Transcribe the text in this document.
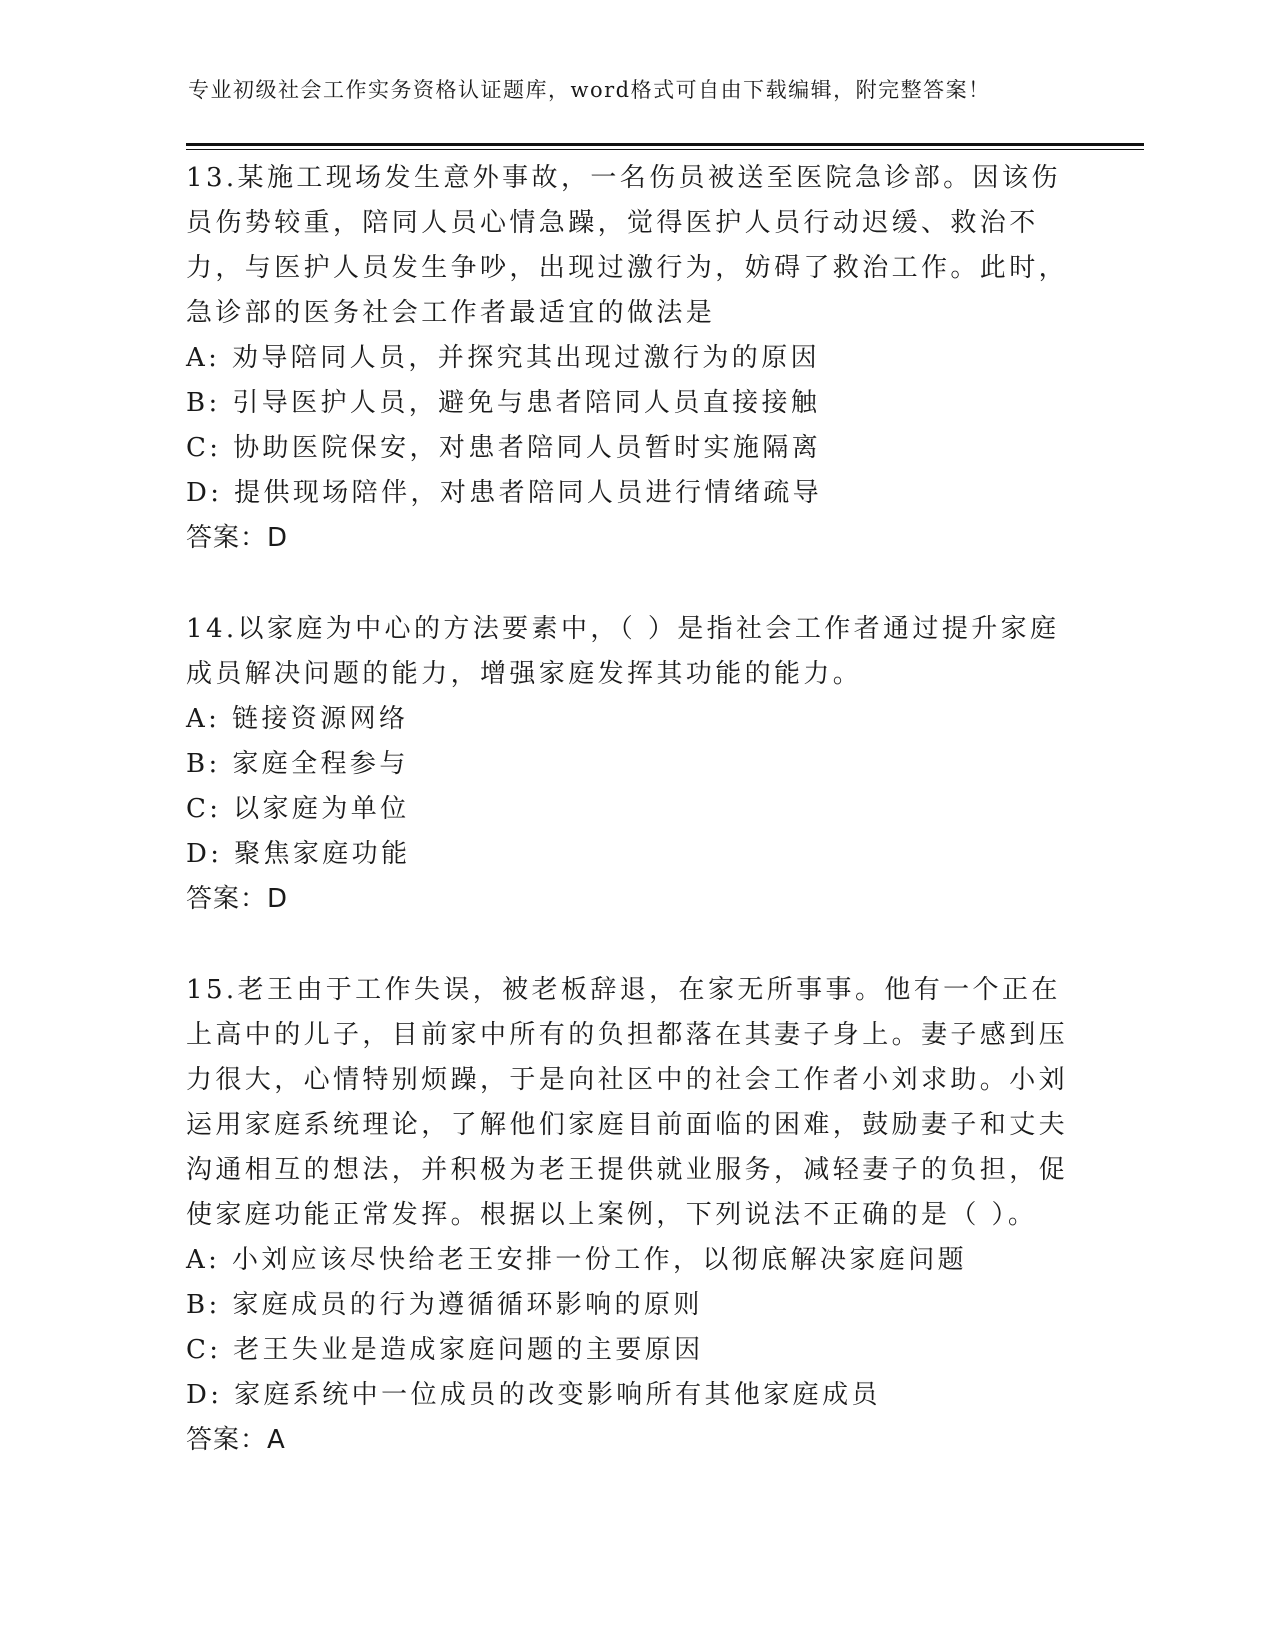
专业初级社会工作实务资格认证题库，word格式可自由下载编辑，附完整答案！
13.某施工现场发生意外事故，一名伤员被送至医院急诊部。因该伤员伤势较重，陪同人员心情急躁，觉得医护人员行动迟缓、救治不力，与医护人员发生争吵，出现过激行为，妨碍了救治工作。此时，急诊部的医务社会工作者最适宜的做法是
A: 劝导陪同人员，并探究其出现过激行为的原因
B: 引导医护人员，避免与患者陪同人员直接接触
C: 协助医院保安，对患者陪同人员暂时实施隔离
D: 提供现场陪伴，对患者陪同人员进行情绪疏导
答案：D
14.以家庭为中心的方法要素中，（ ）是指社会工作者通过提升家庭成员解决问题的能力，增强家庭发挥其功能的能力。
A: 链接资源网络
B: 家庭全程参与
C: 以家庭为单位
D: 聚焦家庭功能
答案：D
15.老王由于工作失误，被老板辞退，在家无所事事。他有一个正在上高中的儿子，目前家中所有的负担都落在其妻子身上。妻子感到压力很大，心情特别烦躁，于是向社区中的社会工作者小刘求助。小刘运用家庭系统理论，了解他们家庭目前面临的困难，鼓励妻子和丈夫沟通相互的想法，并积极为老王提供就业服务，减轻妻子的负担，促使家庭功能正常发挥。根据以上案例，下列说法不正确的是（ ）。
A: 小刘应该尽快给老王安排一份工作，以彻底解决家庭问题
B: 家庭成员的行为遵循循环影响的原则
C: 老王失业是造成家庭问题的主要原因
D: 家庭系统中一位成员的改变影响所有其他家庭成员
答案：A
